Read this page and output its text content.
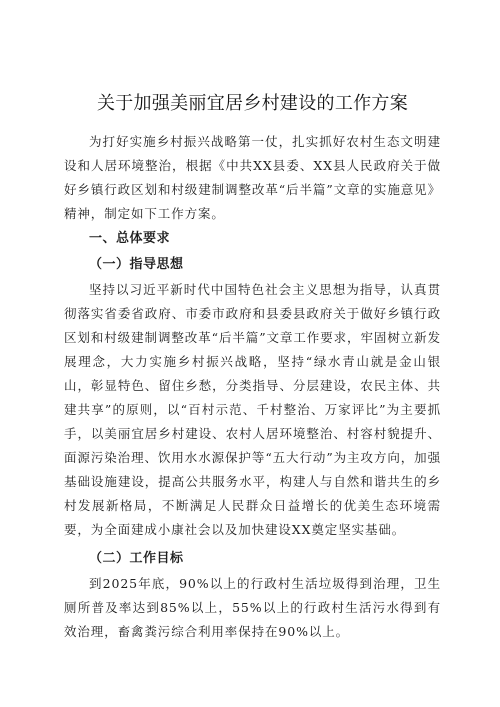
关于加强美丽宜居乡村建设的工作方案

为打好实施乡村振兴战略第一仗，扎实抓好农村生态文明建设和人居环境整治，根据《中共XX县委、XX县人民政府关于做好乡镇行政区划和村级建制调整改革“后半篇”文章的实施意见》精神，制定如下工作方案。

一、总体要求
（一）指导思想

坚持以习近平新时代中国特色社会主义思想为指导，认真贯彻落实省委省政府、市委市政府和县委县政府关于做好乡镇行政区划和村级建制调整改革“后半篇”文章工作要求，牢固树立新发展理念，大力实施乡村振兴战略，坚持“绿水青山就是金山银山，彰显特色、留住乡愁，分类指导、分层建设，农民主体、共建共享”的原则，以“百村示范、千村整治、万家评比”为主要抓手，以美丽宜居乡村建设、农村人居环境整治、村容村貌提升、面源污染治理、饮用水水源保护等“五大行动”为主攻方向，加强基础设施建设，提高公共服务水平，构建人与自然和谐共生的乡村发展新格局，不断满足人民群众日益增长的优美生态环境需要，为全面建成小康社会以及加快建设XX奠定坚实基础。

（二）工作目标

到2025年底，90%以上的行政村生活垃圾得到治理，卫生厕所普及率达到85%以上，55%以上的行政村生活污水得到有效治理，畜禽粪污综合利用率保持在90%以上。
